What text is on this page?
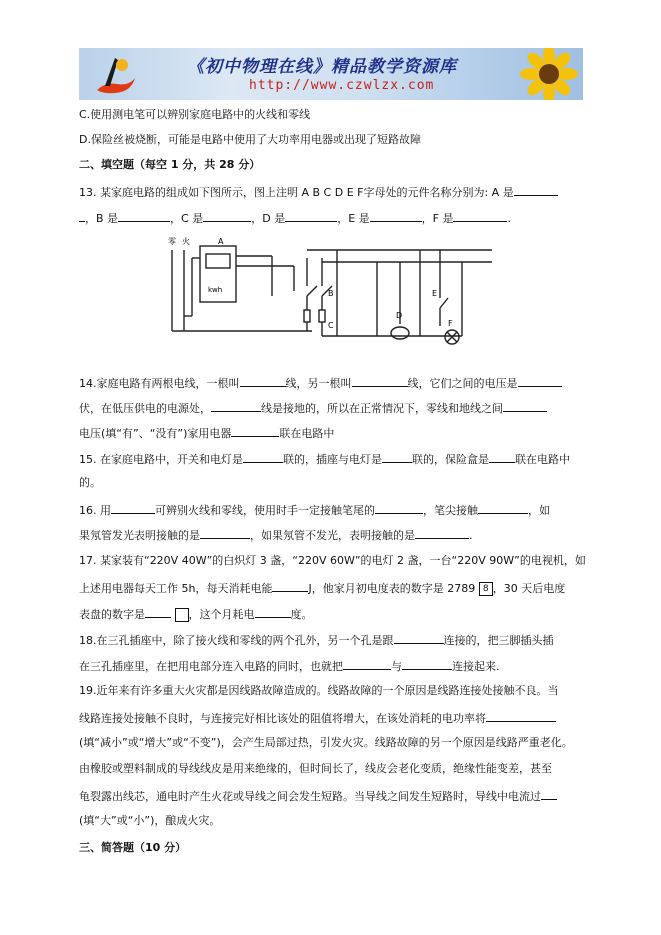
《初中物理在线》精品教学资源库
http://www.czwlzx.com
C.使用测电笔可以辨别家庭电路中的火线和零线
D.保险丝被烧断，可能是电路中使用了大功率用电器或出现了短路故障
二、填空题（每空 1 分，共 28 分）
13. 某家庭电路的组成如下图所示，图上注明 A B C D E F字母处的元件名称分别为: A 是
，B 是	，C 是	，D 是	，E 是	，F 是	.
零 火	A
kwh	B
C
D
E
F
14.家庭电路有两根电线，一根叫	线，另一根叫	线，它们之间的电压是
伏，在低压供电的电源处，	线是接地的，所以在正常情况下，零线和地线之间
电压(填“有”、“没有”)家用电器	联在电路中
15. 在家庭电路中，开关和电灯是	联的，插座与电灯是	联的，保险盒是 联在电路中
的。
16. 用	可辨别火线和零线，使用时手一定接触笔尾的	，笔尖接触	，如
果氖管发光表明接触的是	，如果氖管不发光，表明接触的是	.
17. 某家装有“220V 40W”的白炽灯 3 盏，“220V 60W”的电灯 2 盏，一台“220V 90W”的电视机，如
上述用电器每天工作 5h，每天消耗电能	J，他家月初电度表的数字是 2789 8 ，30 天后电度
表盘的数字是	，这个月耗电	度。
18.在三孔插座中，除了接火线和零线的两个孔外，另一个孔是跟	连接的，把三脚插头插
在三孔插座里，在把用电部分连入电路的同时，也就把	与	连接起来.
19.近年来有许多重大火灾都是因线路故障造成的。线路故障的一个原因是线路连接处接触不良。当
线路连接处接触不良时，与连接完好相比该处的阻值将增大，在该处消耗的电功率将
(填“减小”或“增大”或“不变”)，会产生局部过热，引发火灾。线路故障的另一个原因是线路严重老化。
由橡胶或塑料制成的导线线皮是用来绝缘的，但时间长了，线皮会老化变质，绝缘性能变差，甚至
龟裂露出线芯，通电时产生火花或导线之间会发生短路。当导线之间发生短路时，导线中电流过
(填“大”或“小”)，酿成火灾。
三、简答题（10 分）
